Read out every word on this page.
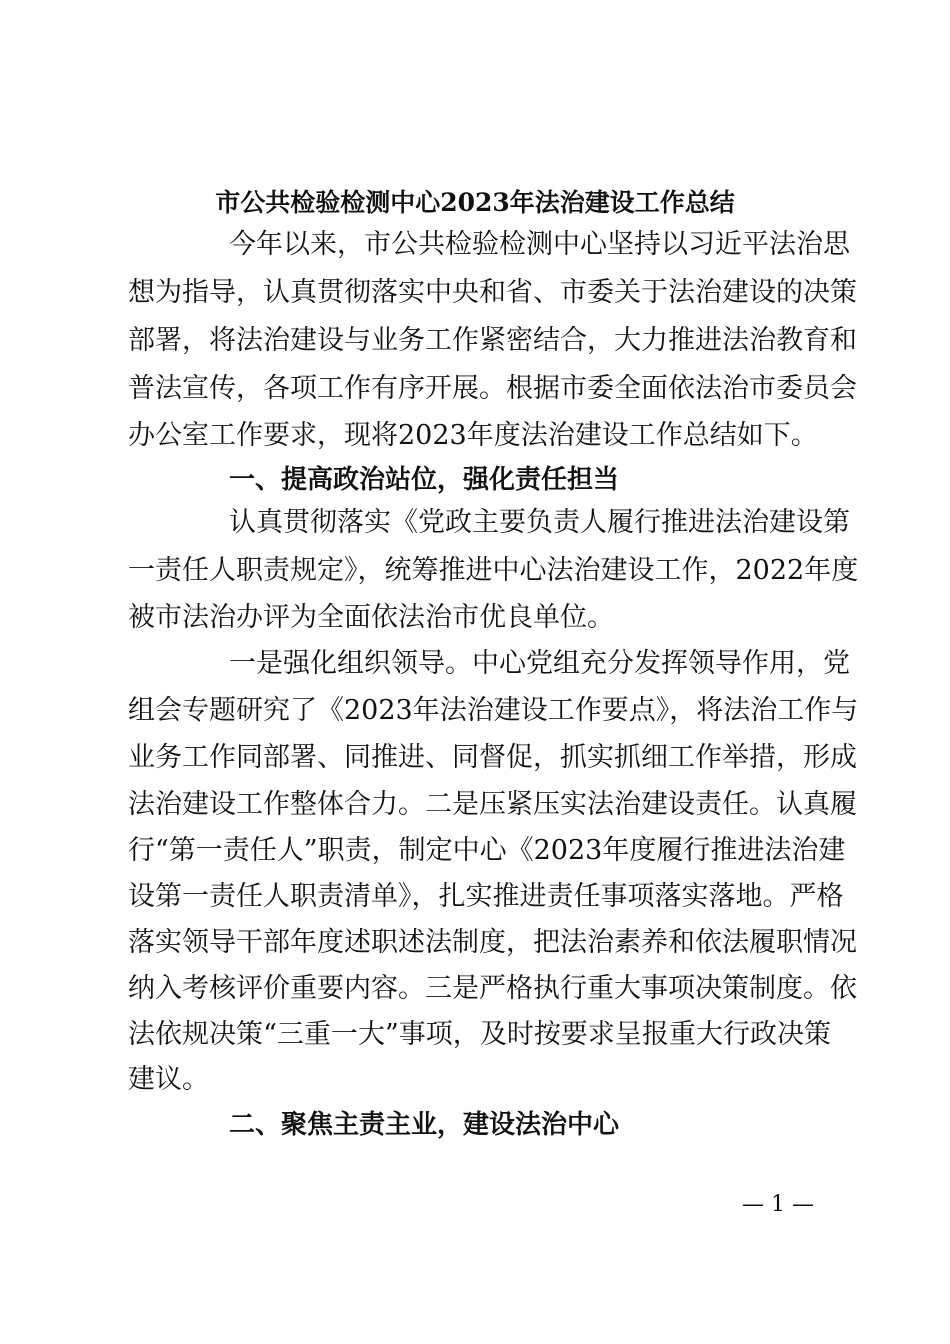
市公共检验检测中心2023年法治建设工作总结
今年以来，市公共检验检测中心坚持以习近平法治思
想为指导，认真贯彻落实中央和省、市委关于法治建设的决策
部署，将法治建设与业务工作紧密结合，大力推进法治教育和
普法宣传，各项工作有序开展。根据市委全面依法治市委员会
办公室工作要求，现将2023年度法治建设工作总结如下。
一、提高政治站位，强化责任担当
认真贯彻落实《党政主要负责人履行推进法治建设第
一责任人职责规定》，统筹推进中心法治建设工作，2022年度
被市法治办评为全面依法治市优良单位。
一是强化组织领导。中心党组充分发挥领导作用，党
组会专题研究了《2023年法治建设工作要点》，将法治工作与
业务工作同部署、同推进、同督促，抓实抓细工作举措，形成
法治建设工作整体合力。二是压紧压实法治建设责任。认真履
行“第一责任人”职责，制定中心《2023年度履行推进法治建
设第一责任人职责清单》，扎实推进责任事项落实落地。严格
落实领导干部年度述职述法制度，把法治素养和依法履职情况
纳入考核评价重要内容。三是严格执行重大事项决策制度。依
法依规决策“三重一大”事项，及时按要求呈报重大行政决策
建议。
二、聚焦主责主业，建设法治中心
— 1 —
